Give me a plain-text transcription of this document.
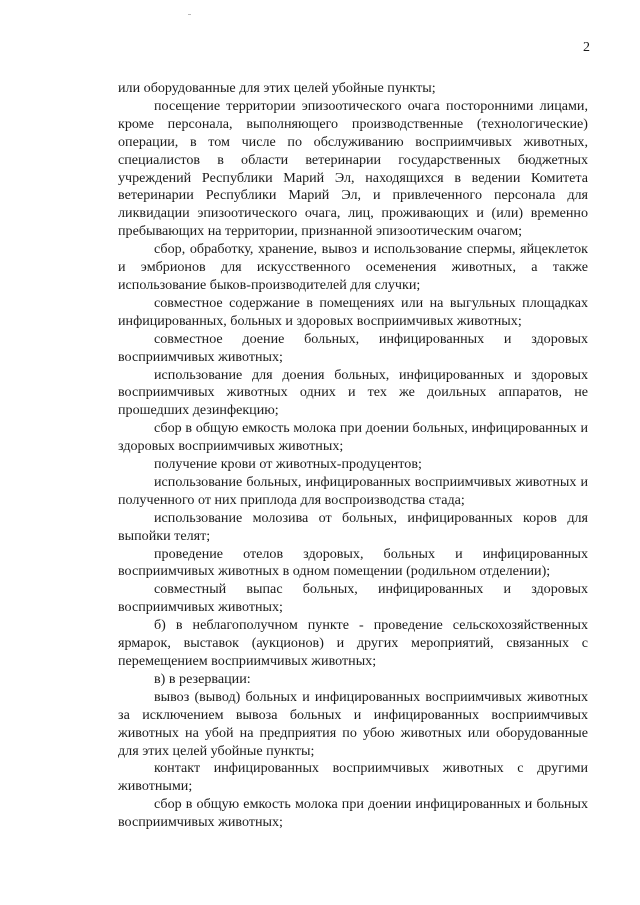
2

или оборудованные для этих целей убойные пункты;

посещение территории эпизоотического очага посторонними лицами, кроме персонала, выполняющего производственные (технологические) операции, в том числе по обслуживанию восприимчивых животных, специалистов в области ветеринарии государственных бюджетных учреждений Республики Марий Эл, находящихся в ведении Комитета ветеринарии Республики Марий Эл, и привлеченного персонала для ликвидации эпизоотического очага, лиц, проживающих и (или) временно пребывающих на территории, признанной эпизоотическим очагом;

сбор, обработку, хранение, вывоз и использование спермы, яйцеклеток и эмбрионов для искусственного осеменения животных, а также использование быков-производителей для случки;

совместное содержание в помещениях или на выгульных площадках инфицированных, больных и здоровых восприимчивых животных;

совместное доение больных, инфицированных и здоровых восприимчивых животных;

использование для доения больных, инфицированных и здоровых восприимчивых животных одних и тех же доильных аппаратов, не прошедших дезинфекцию;

сбор в общую емкость молока при доении больных, инфицированных и здоровых восприимчивых животных;

получение крови от животных-продуцентов;

использование больных, инфицированных восприимчивых животных и полученного от них приплода для воспроизводства стада;

использование молозива от больных, инфицированных коров для выпойки телят;

проведение отелов здоровых, больных и инфицированных восприимчивых животных в одном помещении (родильном отделении);

совместный выпас больных, инфицированных и здоровых восприимчивых животных;

б) в неблагополучном пункте - проведение сельскохозяйственных ярмарок, выставок (аукционов) и других мероприятий, связанных с перемещением восприимчивых животных;

в) в резервации:

вывоз (вывод) больных и инфицированных восприимчивых животных за исключением вывоза больных и инфицированных восприимчивых животных на убой на предприятия по убою животных или оборудованные для этих целей убойные пункты;

контакт инфицированных восприимчивых животных с другими животными;

сбор в общую емкость молока при доении инфицированных и больных восприимчивых животных;
